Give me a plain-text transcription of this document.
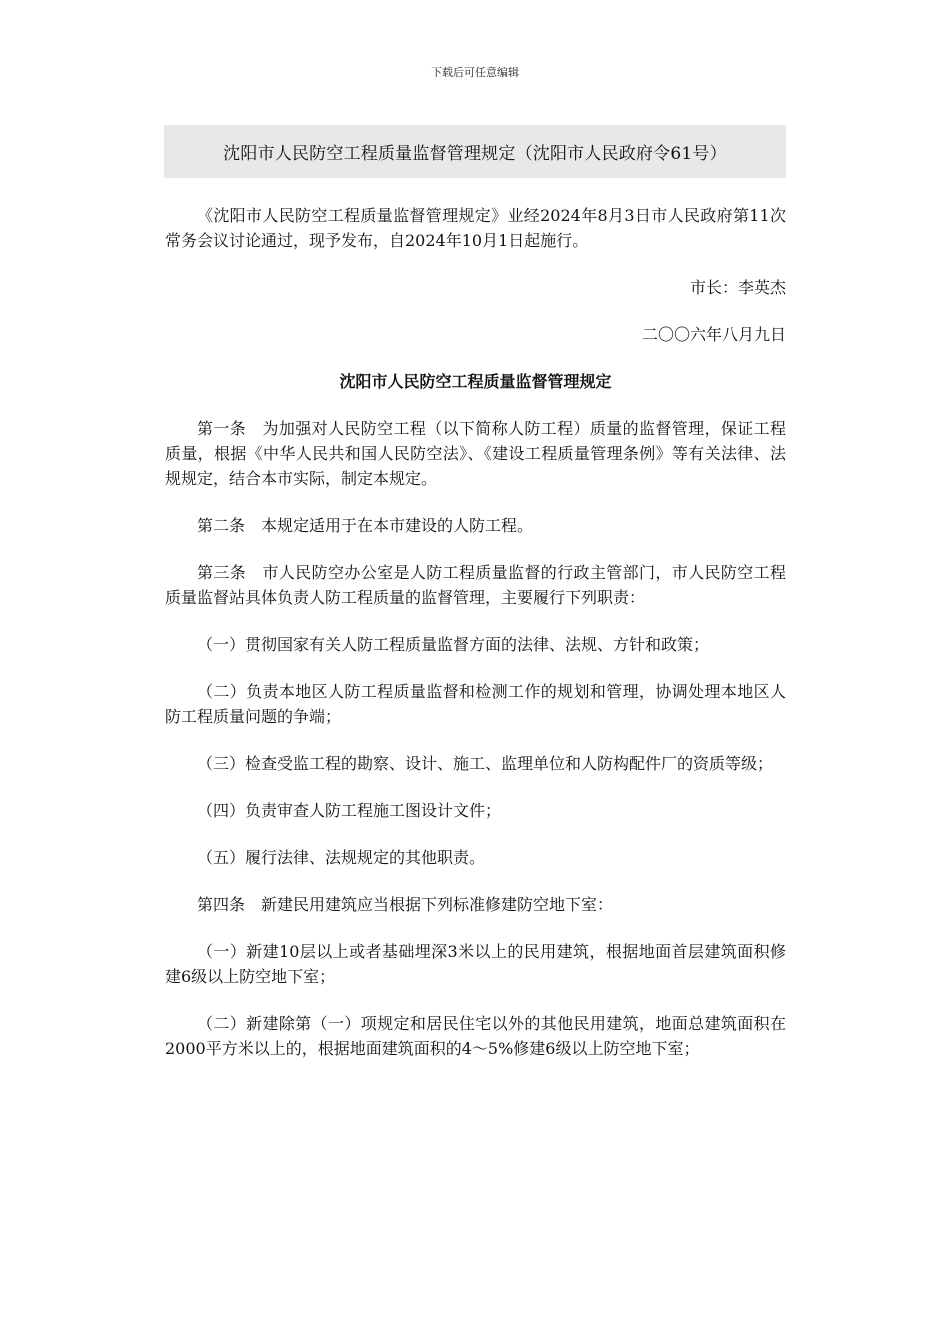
下载后可任意编辑
沈阳市人民防空工程质量监督管理规定（沈阳市人民政府令61号）

《沈阳市人民防空工程质量监督管理规定》业经2024年8月3日市人民政府第11次常务会议讨论通过，现予发布，自2024年10月1日起施行。

市长：李英杰

二〇〇六年八月九日

沈阳市人民防空工程质量监督管理规定

第一条　为加强对人民防空工程（以下简称人防工程）质量的监督管理，保证工程质量，根据《中华人民共和国人民防空法》、《建设工程质量管理条例》等有关法律、法规规定，结合本市实际，制定本规定。

第二条　本规定适用于在本市建设的人防工程。

第三条　市人民防空办公室是人防工程质量监督的行政主管部门，市人民防空工程质量监督站具体负责人防工程质量的监督管理，主要履行下列职责：

（一）贯彻国家有关人防工程质量监督方面的法律、法规、方针和政策；

（二）负责本地区人防工程质量监督和检测工作的规划和管理，协调处理本地区人防工程质量问题的争端；

（三）检查受监工程的勘察、设计、施工、监理单位和人防构配件厂的资质等级；

（四）负责审查人防工程施工图设计文件；

（五）履行法律、法规规定的其他职责。

第四条　新建民用建筑应当根据下列标准修建防空地下室：

（一）新建10层以上或者基础埋深3米以上的民用建筑，根据地面首层建筑面积修建6级以上防空地下室；

（二）新建除第（一）项规定和居民住宅以外的其他民用建筑，地面总建筑面积在2000平方米以上的，根据地面建筑面积的4～5%修建6级以上防空地下室；
